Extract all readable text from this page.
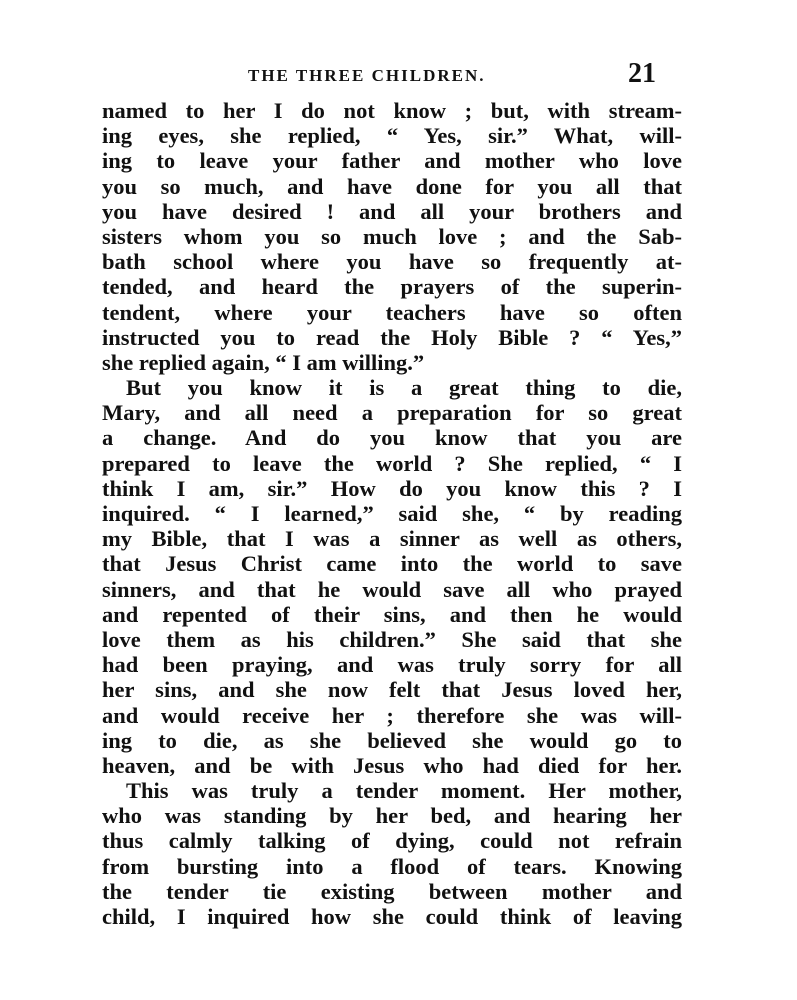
THE THREE CHILDREN.	21
named to her I do not know ; but, with stream-
ing eyes, she replied, “ Yes, sir.” What, will-
ing to leave your father and mother who love
you so much, and have done for you all that
you have desired ! and all your brothers and
sisters whom you so much love ; and the Sab-
bath school where you have so frequently at-
tended, and heard the prayers of the superin-
tendent, where your teachers have so often
instructed you to read the Holy Bible ? “ Yes,”
she replied again, “ I am willing.”
But you know it is a great thing to die,
Mary, and all need a preparation for so great
a change. And do you know that you are
prepared to leave the world ? She replied, “ I
think I am, sir.” How do you know this ? I
inquired. “ I learned,” said she, “ by reading
my Bible, that I was a sinner as well as others,
that Jesus Christ came into the world to save
sinners, and that he would save all who prayed
and repented of their sins, and then he would
love them as his children.” She said that she
had been praying, and was truly sorry for all
her sins, and she now felt that Jesus loved her,
and would receive her ; therefore she was will-
ing to die, as she believed she would go to
heaven, and be with Jesus who had died for her.
This was truly a tender moment. Her mother,
who was standing by her bed, and hearing her
thus calmly talking of dying, could not refrain
from bursting into a flood of tears. Knowing
the tender tie existing between mother and
child, I inquired how she could think of leaving
